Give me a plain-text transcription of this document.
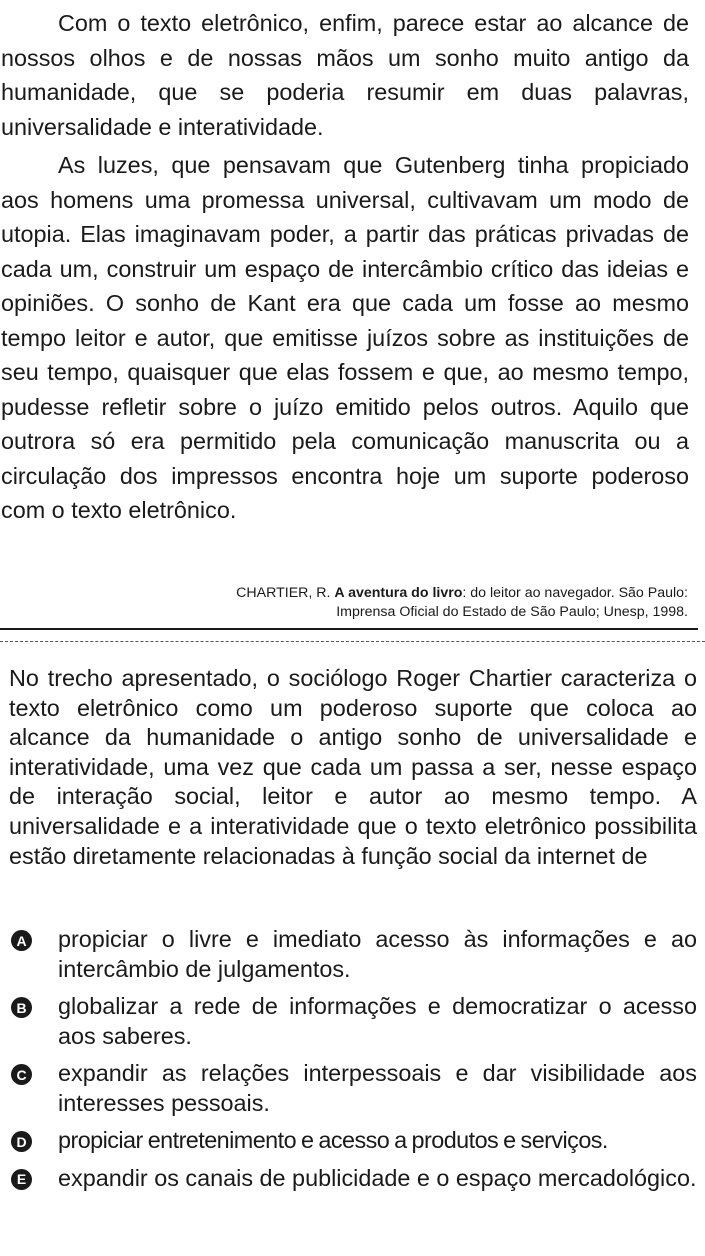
Com o texto eletrônico, enfim, parece estar ao alcance de nossos olhos e de nossas mãos um sonho muito antigo da humanidade, que se poderia resumir em duas palavras, universalidade e interatividade.

As luzes, que pensavam que Gutenberg tinha propiciado aos homens uma promessa universal, cultivavam um modo de utopia. Elas imaginavam poder, a partir das práticas privadas de cada um, construir um espaço de intercâmbio crítico das ideias e opiniões. O sonho de Kant era que cada um fosse ao mesmo tempo leitor e autor, que emitisse juízos sobre as instituições de seu tempo, quaisquer que elas fossem e que, ao mesmo tempo, pudesse refletir sobre o juízo emitido pelos outros. Aquilo que outrora só era permitido pela comunicação manuscrita ou a circulação dos impressos encontra hoje um suporte poderoso com o texto eletrônico.

CHARTIER, R. A aventura do livro: do leitor ao navegador. São Paulo:
Imprensa Oficial do Estado de São Paulo; Unesp, 1998.

No trecho apresentado, o sociólogo Roger Chartier caracteriza o texto eletrônico como um poderoso suporte que coloca ao alcance da humanidade o antigo sonho de universalidade e interatividade, uma vez que cada um passa a ser, nesse espaço de interação social, leitor e autor ao mesmo tempo. A universalidade e a interatividade que o texto eletrônico possibilita estão diretamente relacionadas à função social da internet de

A propiciar o livre e imediato acesso às informações e ao intercâmbio de julgamentos.
B globalizar a rede de informações e democratizar o acesso aos saberes.
C expandir as relações interpessoais e dar visibilidade aos interesses pessoais.
D propiciar entretenimento e acesso a produtos e serviços.
E expandir os canais de publicidade e o espaço mercadológico.
